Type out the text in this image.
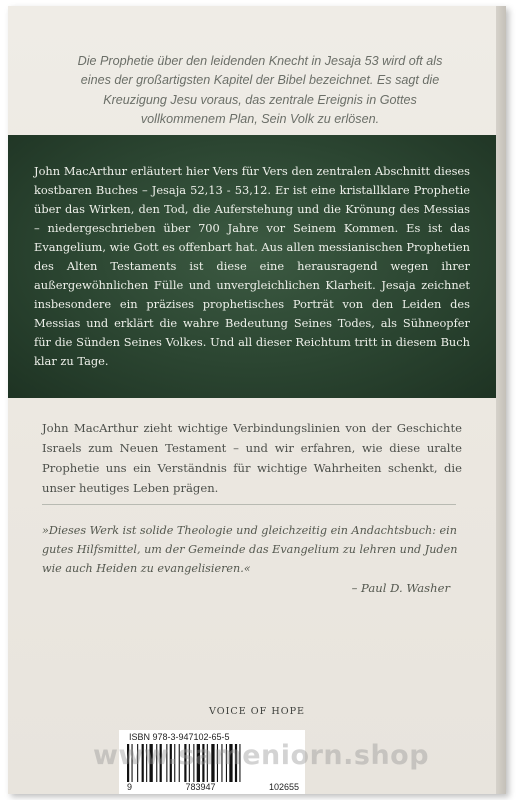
Die Prophetie über den leidenden Knecht in Jesaja 53 wird oft als eines der großartigsten Kapitel der Bibel bezeichnet. Es sagt die Kreuzigung Jesu voraus, das zentrale Ereignis in Gottes vollkommenem Plan, Sein Volk zu erlösen.

John MacArthur erläutert hier Vers für Vers den zentralen Abschnitt dieses kostbaren Buches – Jesaja 52,13 - 53,12. Er ist eine kristallklare Prophetie über das Wirken, den Tod, die Auferstehung und die Krönung des Messias – niedergeschrieben über 700 Jahre vor Seinem Kommen. Es ist das Evangelium, wie Gott es offenbart hat. Aus allen messianischen Prophetien des Alten Testaments ist diese eine herausragend wegen ihrer außergewöhnlichen Fülle und unvergleichlichen Klarheit. Jesaja zeichnet insbesondere ein präzises prophetisches Porträt von den Leiden des Messias und erklärt die wahre Bedeutung Seines Todes, als Sühneopfer für die Sünden Seines Volkes. Und all dieser Reichtum tritt in diesem Buch klar zu Tage.

John MacArthur zieht wichtige Verbindungslinien von der Geschichte Israels zum Neuen Testament – und wir erfahren, wie diese uralte Prophetie uns ein Verständnis für wichtige Wahrheiten schenkt, die unser heutiges Leben prägen.

»Dieses Werk ist solide Theologie und gleichzeitig ein Andachtsbuch: ein gutes Hilfsmittel, um der Gemeinde das Evangelium zu lehren und Juden wie auch Heiden zu evangelisieren.«

– Paul D. Washer
VOICE OF HOPE
ISBN 978-3-947102-65-5
9	783947	102655
www.sameniorn.shop
